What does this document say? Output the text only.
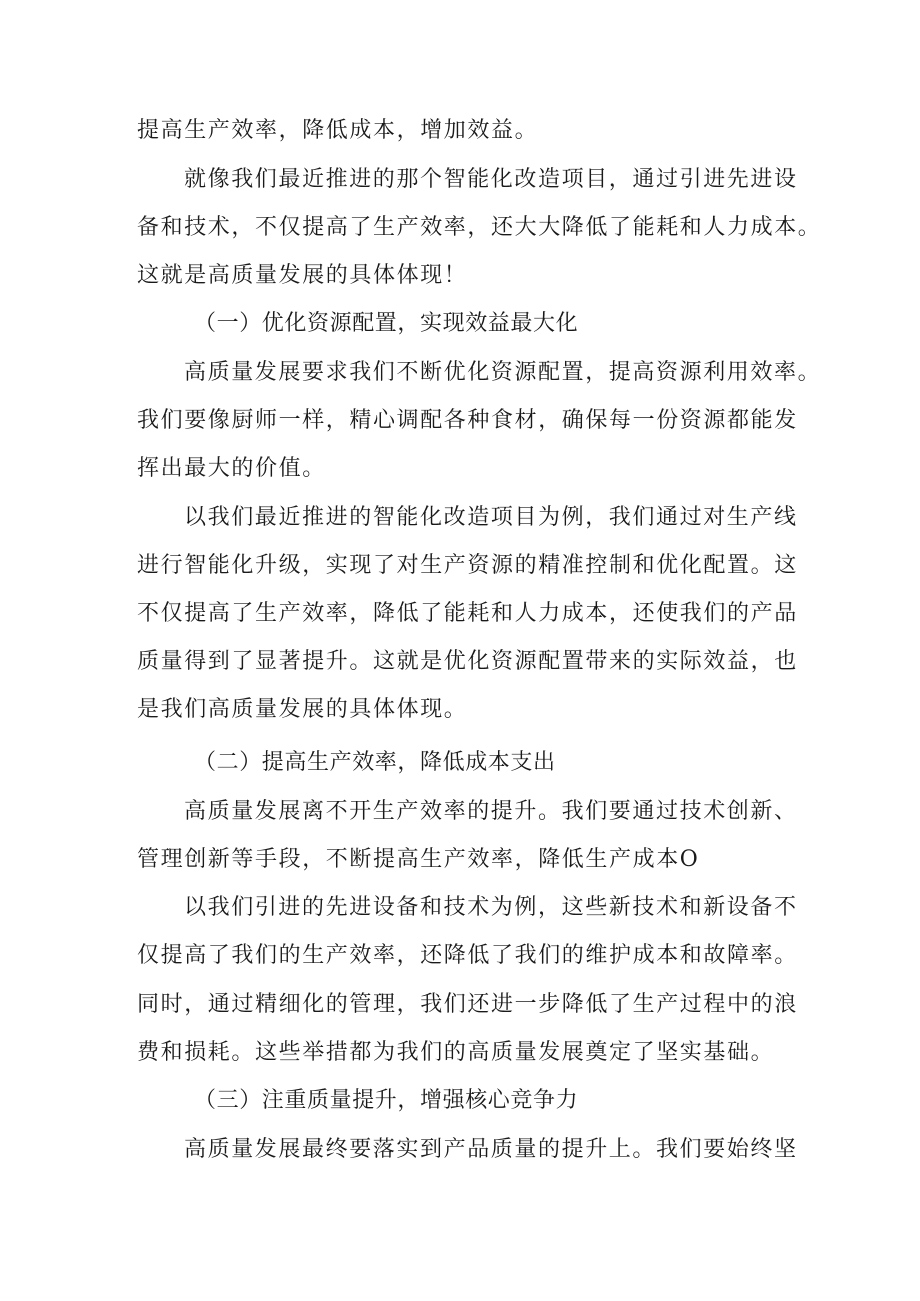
提高生产效率，降低成本，增加效益。
就像我们最近推进的那个智能化改造项目，通过引进先进设
备和技术，不仅提高了生产效率，还大大降低了能耗和人力成本。
这就是高质量发展的具体体现！
（一）优化资源配置，实现效益最大化
高质量发展要求我们不断优化资源配置，提高资源利用效率。
我们要像厨师一样，精心调配各种食材，确保每一份资源都能发
挥出最大的价值。
以我们最近推进的智能化改造项目为例，我们通过对生产线
进行智能化升级，实现了对生产资源的精准控制和优化配置。这
不仅提高了生产效率，降低了能耗和人力成本，还使我们的产品
质量得到了显著提升。这就是优化资源配置带来的实际效益，也
是我们高质量发展的具体体现。
（二）提高生产效率，降低成本支出
高质量发展离不开生产效率的提升。我们要通过技术创新、
管理创新等手段，不断提高生产效率，降低生产成本O
以我们引进的先进设备和技术为例，这些新技术和新设备不
仅提高了我们的生产效率，还降低了我们的维护成本和故障率。
同时，通过精细化的管理，我们还进一步降低了生产过程中的浪
费和损耗。这些举措都为我们的高质量发展奠定了坚实基础。
（三）注重质量提升，增强核心竞争力
高质量发展最终要落实到产品质量的提升上。我们要始终坚
